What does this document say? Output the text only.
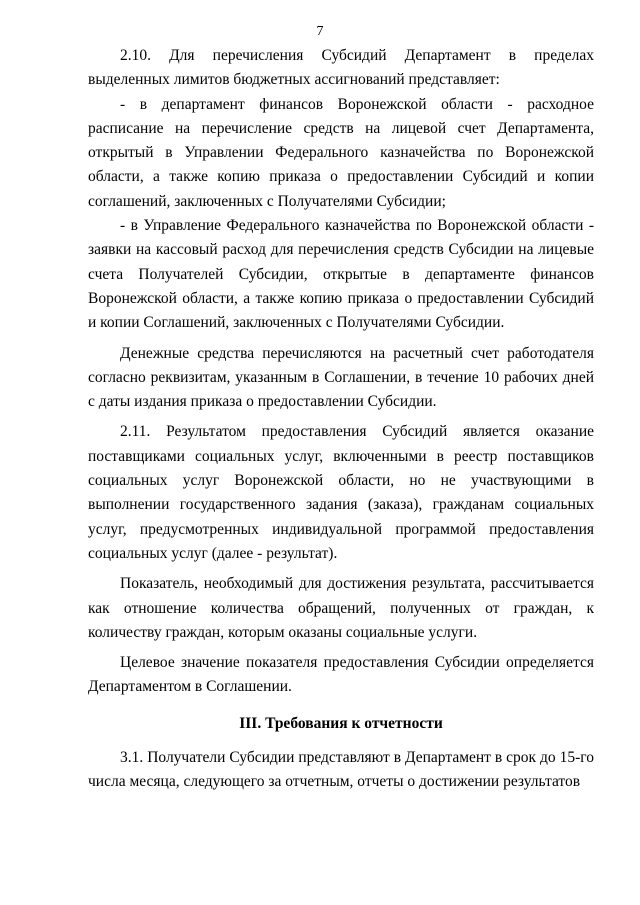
7

2.10. Для перечисления Субсидий Департамент в пределах выделенных лимитов бюджетных ассигнований представляет:

- в департамент финансов Воронежской области - расходное расписание на перечисление средств на лицевой счет Департамента, открытый в Управлении Федерального казначейства по Воронежской области, а также копию приказа о предоставлении Субсидий и копии соглашений, заключенных с Получателями Субсидии;

- в Управление Федерального казначейства по Воронежской области - заявки на кассовый расход для перечисления средств Субсидии на лицевые счета Получателей Субсидии, открытые в департаменте финансов Воронежской области, а также копию приказа о предоставлении Субсидий и копии Соглашений, заключенных с Получателями Субсидии.

Денежные средства перечисляются на расчетный счет работодателя согласно реквизитам, указанным в Соглашении, в течение 10 рабочих дней с даты издания приказа о предоставлении Субсидии.

2.11. Результатом предоставления Субсидий является оказание поставщиками социальных услуг, включенными в реестр поставщиков социальных услуг Воронежской области, но не участвующими в выполнении государственного задания (заказа), гражданам социальных услуг, предусмотренных индивидуальной программой предоставления социальных услуг (далее - результат).

Показатель, необходимый для достижения результата, рассчитывается как отношение количества обращений, полученных от граждан, к количеству граждан, которым оказаны социальные услуги.

Целевое значение показателя предоставления Субсидии определяется Департаментом в Соглашении.

III. Требования к отчетности

3.1. Получатели Субсидии представляют в Департамент в срок до 15-го числа месяца, следующего за отчетным, отчеты о достижении результатов
